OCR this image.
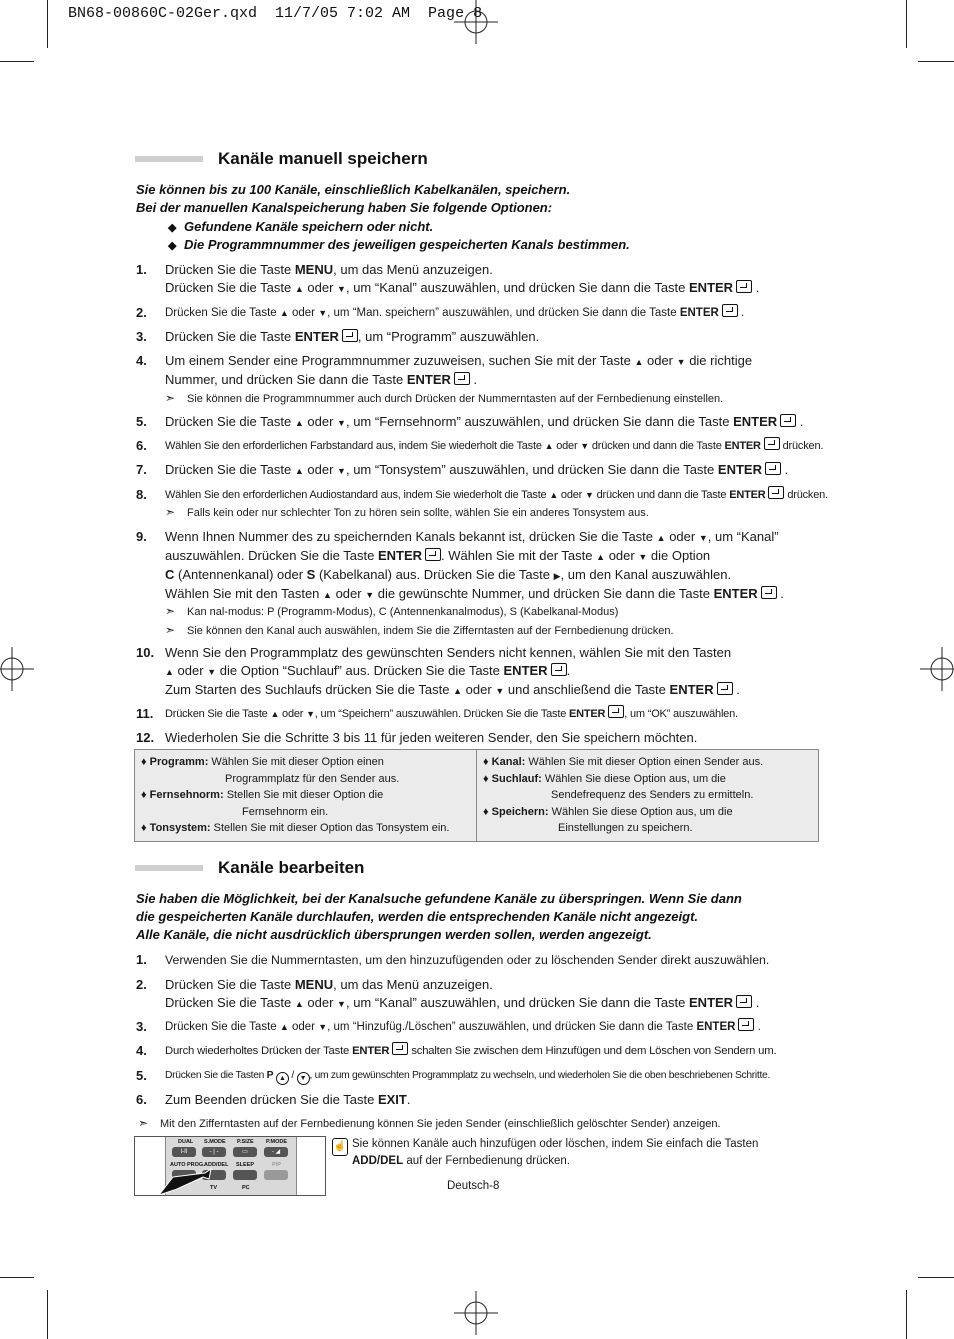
BN68-00860C-02Ger.qxd  11/7/05 7:02 AM  Page 8
Kanäle manuell speichern
Sie können bis zu 100 Kanäle, einschließlich Kabelkanälen, speichern.
Bei der manuellen Kanalspeicherung haben Sie folgende Optionen:
◆ Gefundene Kanäle speichern oder nicht.
◆ Die Programmnummer des jeweiligen gespeicherten Kanals bestimmen.
1. Drücken Sie die Taste MENU, um das Menü anzuzeigen.
Drücken Sie die Taste ▲ oder ▼, um “Kanal” auszuwählen, und drücken Sie dann die Taste ENTER .
2. Drücken Sie die Taste ▲ oder ▼, um “Man. speichern” auszuwählen, und drücken Sie dann die Taste ENTER .
3. Drücken Sie die Taste ENTER , um “Programm” auszuwählen.
4. Um einem Sender eine Programmnummer zuzuweisen, suchen Sie mit der Taste ▲ oder ▼ die richtige
Nummer, und drücken Sie dann die Taste ENTER .
➣ Sie können die Programmnummer auch durch Drücken der Nummerntasten auf der Fernbedienung einstellen.
5. Drücken Sie die Taste ▲ oder ▼, um “Fernsehnorm” auszuwählen, und drücken Sie dann die Taste ENTER .
6. Wählen Sie den erforderlichen Farbstandard aus, indem Sie wiederholt die Taste ▲ oder ▼ drücken und dann die Taste ENTER drücken.
7. Drücken Sie die Taste ▲ oder ▼, um “Tonsystem” auszuwählen, und drücken Sie dann die Taste ENTER .
8. Wählen Sie den erforderlichen Audiostandard aus, indem Sie wiederholt die Taste ▲ oder ▼ drücken und dann die Taste ENTER drücken.
➣ Falls kein oder nur schlechter Ton zu hören sein sollte, wählen Sie ein anderes Tonsystem aus.
9. Wenn Ihnen Nummer des zu speichernden Kanals bekannt ist, drücken Sie die Taste ▲ oder ▼, um “Kanal”
auszuwählen. Drücken Sie die Taste ENTER . Wählen Sie mit der Taste ▲ oder ▼ die Option
C (Antennenkanal) oder S (Kabelkanal) aus. Drücken Sie die Taste ▶, um den Kanal auszuwählen.
Wählen Sie mit den Tasten ▲ oder ▼ die gewünschte Nummer, und drücken Sie dann die Taste ENTER .
➣ Kan nal-modus: P (Programm-Modus), C (Antennenkanalmodus), S (Kabelkanal-Modus)
➣ Sie können den Kanal auch auswählen, indem Sie die Zifferntasten auf der Fernbedienung drücken.
10. Wenn Sie den Programmplatz des gewünschten Senders nicht kennen, wählen Sie mit den Tasten
▲ oder ▼ die Option “Suchlauf” aus. Drücken Sie die Taste ENTER .
Zum Starten des Suchlaufs drücken Sie die Taste ▲ oder ▼ und anschließend die Taste ENTER .
11. Drücken Sie die Taste ▲ oder ▼, um “Speichern” auszuwählen. Drücken Sie die Taste ENTER , um “OK” auszuwählen.
12. Wiederholen Sie die Schritte 3 bis 11 für jeden weiteren Sender, den Sie speichern möchten.
♦ Programm: Wählen Sie mit dieser Option einen
Programmplatz für den Sender aus.
♦ Fernsehnorm: Stellen Sie mit dieser Option die
Fernsehnorm ein.
♦ Tonsystem: Stellen Sie mit dieser Option das Tonsystem ein.
♦ Kanal: Wählen Sie mit dieser Option einen Sender aus.
♦ Suchlauf: Wählen Sie diese Option aus, um die
Sendefrequenz des Senders zu ermitteln.
♦ Speichern: Wählen Sie diese Option aus, um die
Einstellungen zu speichern.
Kanäle bearbeiten
Sie haben die Möglichkeit, bei der Kanalsuche gefundene Kanäle zu überspringen. Wenn Sie dann
die gespeicherten Kanäle durchlaufen, werden die entsprechenden Kanäle nicht angezeigt.
Alle Kanäle, die nicht ausdrücklich übersprungen werden sollen, werden angezeigt.
1. Verwenden Sie die Nummerntasten, um den hinzuzufügenden oder zu löschenden Sender direkt auszuwählen.
2. Drücken Sie die Taste MENU, um das Menü anzuzeigen.
Drücken Sie die Taste ▲ oder ▼, um “Kanal” auszuwählen, und drücken Sie dann die Taste ENTER .
3. Drücken Sie die Taste ▲ oder ▼, um “Hinzufüg./Löschen” auszuwählen, und drücken Sie dann die Taste ENTER .
4. Durch wiederholtes Drücken der Taste ENTER schalten Sie zwischen dem Hinzufügen und dem Löschen von Sendern um.
5. Drücken Sie die Tasten P ▲ / ▼ , um zum gewünschten Programmplatz zu wechseln, und wiederholen Sie die oben beschriebenen Schritte.
6. Zum Beenden drücken Sie die Taste EXIT.
➣ Mit den Zifferntasten auf der Fernbedienung können Sie jeden Sender (einschließlich gelöschter Sender) anzeigen.
DUAL S.MODE P.SIZE P.MODE
I-II	- | -	▭	- ◢
AUTO PROG. ADD/DEL SLEEP	PIP
TV	PC
☝ Sie können Kanäle auch hinzufügen oder löschen, indem Sie einfach die Tasten
ADD/DEL auf der Fernbedienung drücken.
Deutsch-8
